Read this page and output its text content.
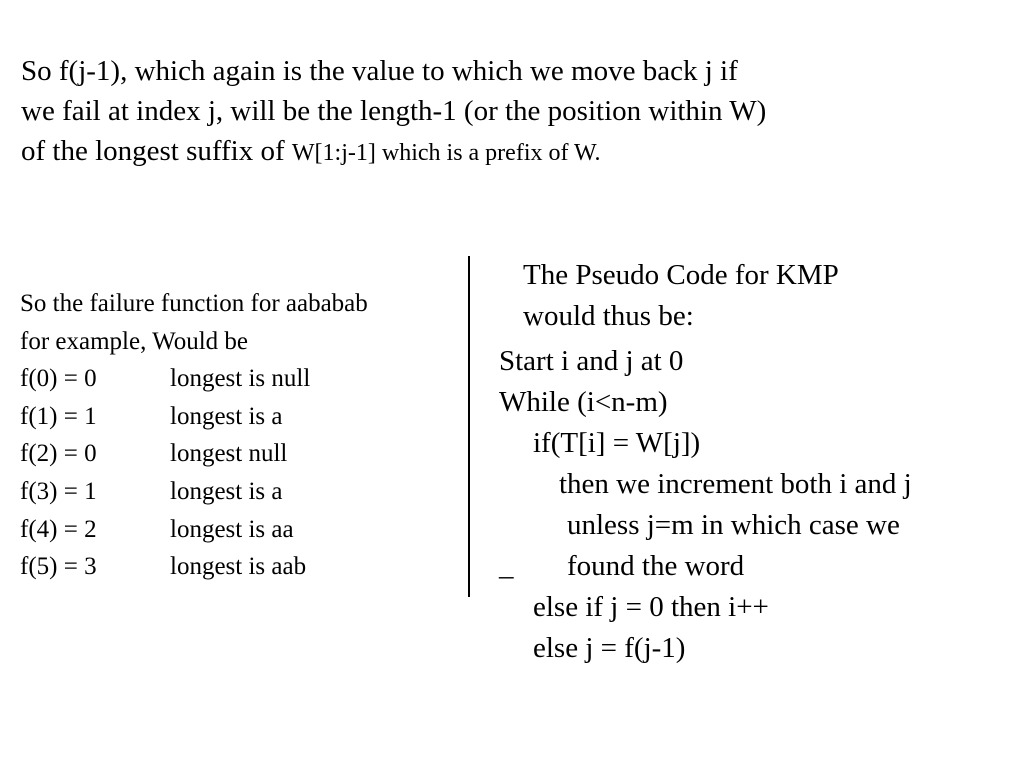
So f(j-1), which again is the value to which we move back j if
we fail at index j, will be the length-1 (or the position within W)
of the longest suffix of W[1:j-1] which is a prefix of W.
So the failure function for aababab
for example, Would be
f(0) = 0	longest is null
f(1) = 1	longest is a
f(2) = 0	longest null
f(3) = 1	longest is a
f(4) = 2	longest is aa
f(5) = 3	longest is aab
The Pseudo Code for KMP
would thus be:
Start i and j at 0
While (i<n-m)
if(T[i] = W[j])
then we increment both i and j
unless j=m in which case we
_ found the word
else if j = 0 then i++
else j = f(j-1)
